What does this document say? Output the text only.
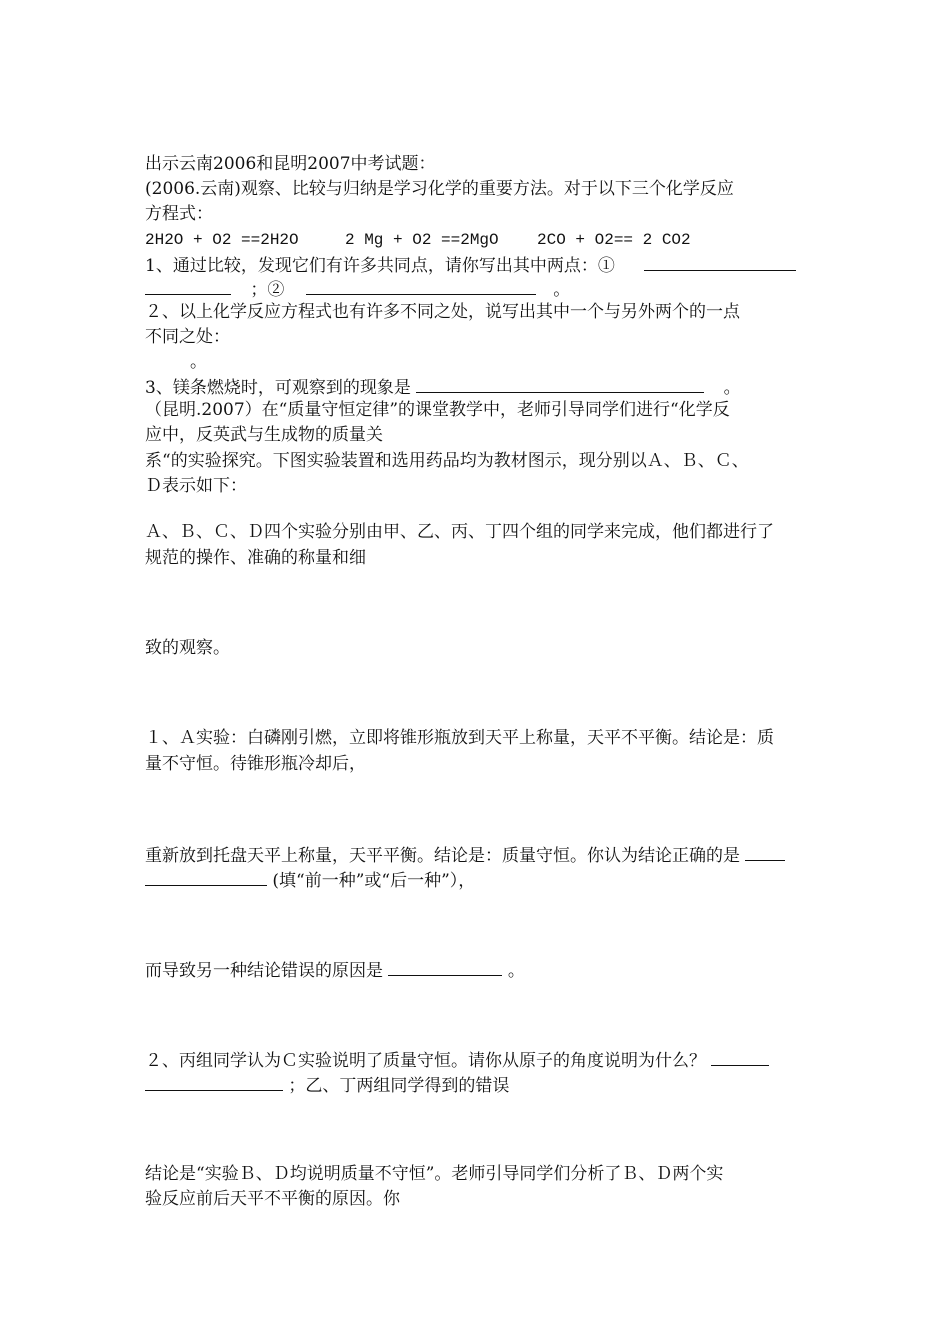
出示云南2006和昆明2007中考试题：
(2006.云南)观察、比较与归纳是学习化学的重要方法。对于以下三个化学反应
方程式：
2H2O + O2 ==2H2O	2 Mg + O2 ==2MgO 2CO + O2== 2 CO2
1、通过比较，发现它们有许多共同点，请你写出其中两点：①
；②	。
２、以上化学反应方程式也有许多不同之处，说写出其中一个与另外两个的一点
不同之处：
。
3、镁条燃烧时，可观察到的现象是	。
（昆明.2007）在“质量守恒定律”的课堂教学中，老师引导同学们进行“化学反
应中，反英武与生成物的质量关
系“的实验探究。下图实验装置和选用药品均为教材图示，现分别以Ａ、Ｂ、Ｃ、
Ｄ表示如下：
Ａ、Ｂ、Ｃ、Ｄ四个实验分别由甲、乙、丙、丁四个组的同学来完成，他们都进行了
规范的操作、准确的称量和细
致的观察。
１、Ａ实验：白磷刚引燃，立即将锥形瓶放到天平上称量，天平不平衡。结论是：质
量不守恒。待锥形瓶冷却后，
重新放到托盘天平上称量，天平平衡。结论是：质量守恒。你认为结论正确的是
(填“前一种”或“后一种”），
而导致另一种结论错误的原因是	。
２、丙组同学认为Ｃ实验说明了质量守恒。请你从原子的角度说明为什么？
；乙、丁两组同学得到的错误
结论是“实验Ｂ、Ｄ均说明质量不守恒”。老师引导同学们分析了Ｂ、Ｄ两个实
验反应前后天平不平衡的原因。你
